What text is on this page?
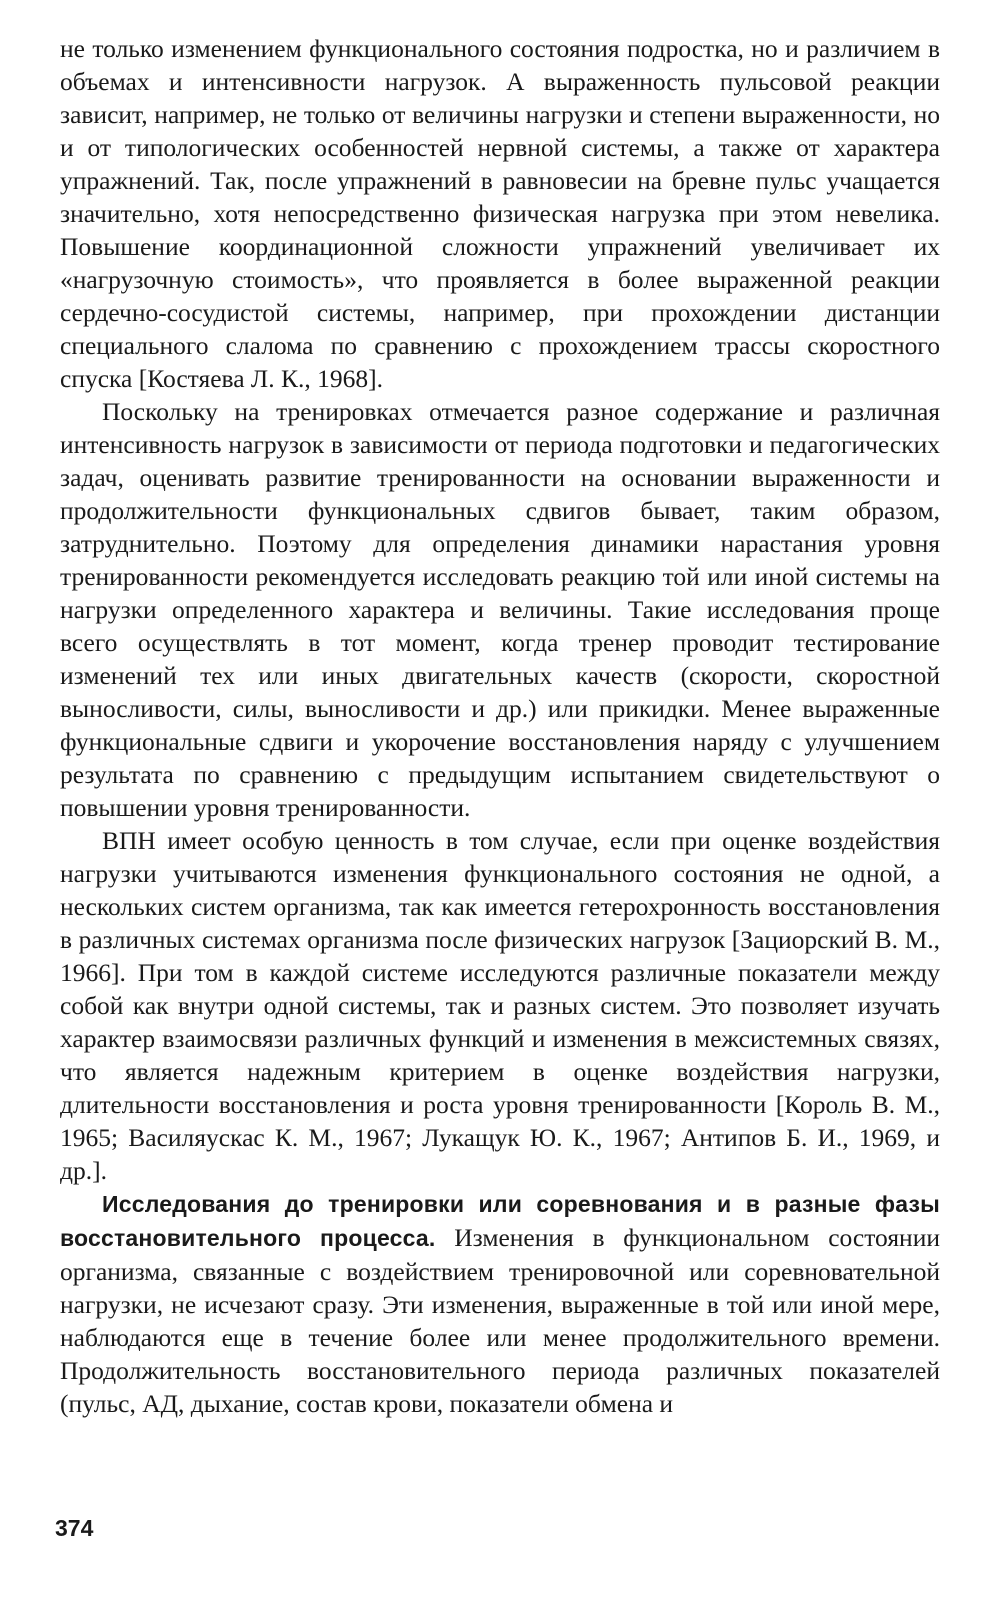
не только изменением функционального состояния подростка, но и различием в объемах и интенсивности нагрузок. А выраженность пульсовой реакции зависит, например, не только от величины нагрузки и степени выраженности, но и от типологических особенностей нервной системы, а также от характера упражнений. Так, после упражнений в равновесии на бревне пульс учащается значительно, хотя непосредственно физическая нагрузка при этом невелика. Повышение координационной сложности упражнений увеличивает их «нагрузочную стоимость», что проявляется в более выраженной реакции сердечно-сосудистой системы, например, при прохождении дистанции специального слалома по сравнению с прохождением трассы скоростного спуска [Костяева Л. К., 1968].

Поскольку на тренировках отмечается разное содержание и различная интенсивность нагрузок в зависимости от периода подготовки и педагогических задач, оценивать развитие тренированности на основании выраженности и продолжительности функциональных сдвигов бывает, таким образом, затруднительно. Поэтому для определения динамики нарастания уровня тренированности рекомендуется исследовать реакцию той или иной системы на нагрузки определенного характера и величины. Такие исследования проще всего осуществлять в тот момент, когда тренер проводит тестирование изменений тех или иных двигательных качеств (скорости, скоростной выносливости, силы, выносливости и др.) или прикидки. Менее выраженные функциональные сдвиги и укорочение восстановления наряду с улучшением результата по сравнению с предыдущим испытанием свидетельствуют о повышении уровня тренированности.

ВПН имеет особую ценность в том случае, если при оценке воздействия нагрузки учитываются изменения функционального состояния не одной, а нескольких систем организма, так как имеется гетерохронность восстановления в различных системах организма после физических нагрузок [Зациорский В. М., 1966]. При том в каждой системе исследуются различные показатели между собой как внутри одной системы, так и разных систем. Это позволяет изучать характер взаимосвязи различных функций и изменения в межсистемных связях, что является надежным критерием в оценке воздействия нагрузки, длительности восстановления и роста уровня тренированности [Король В. М., 1965; Василяускас К. М., 1967; Лукащук Ю. К., 1967; Антипов Б. И., 1969, и др.].

Исследования до тренировки или соревнования и в разные фазы восстановительного процесса. Изменения в функциональном состоянии организма, связанные с воздействием тренировочной или соревновательной нагрузки, не исчезают сразу. Эти изменения, выраженные в той или иной мере, наблюдаются еще в течение более или менее продолжительного времени. Продолжительность восстановительного периода различных показателей (пульс, АД, дыхание, состав крови, показатели обмена и

374
